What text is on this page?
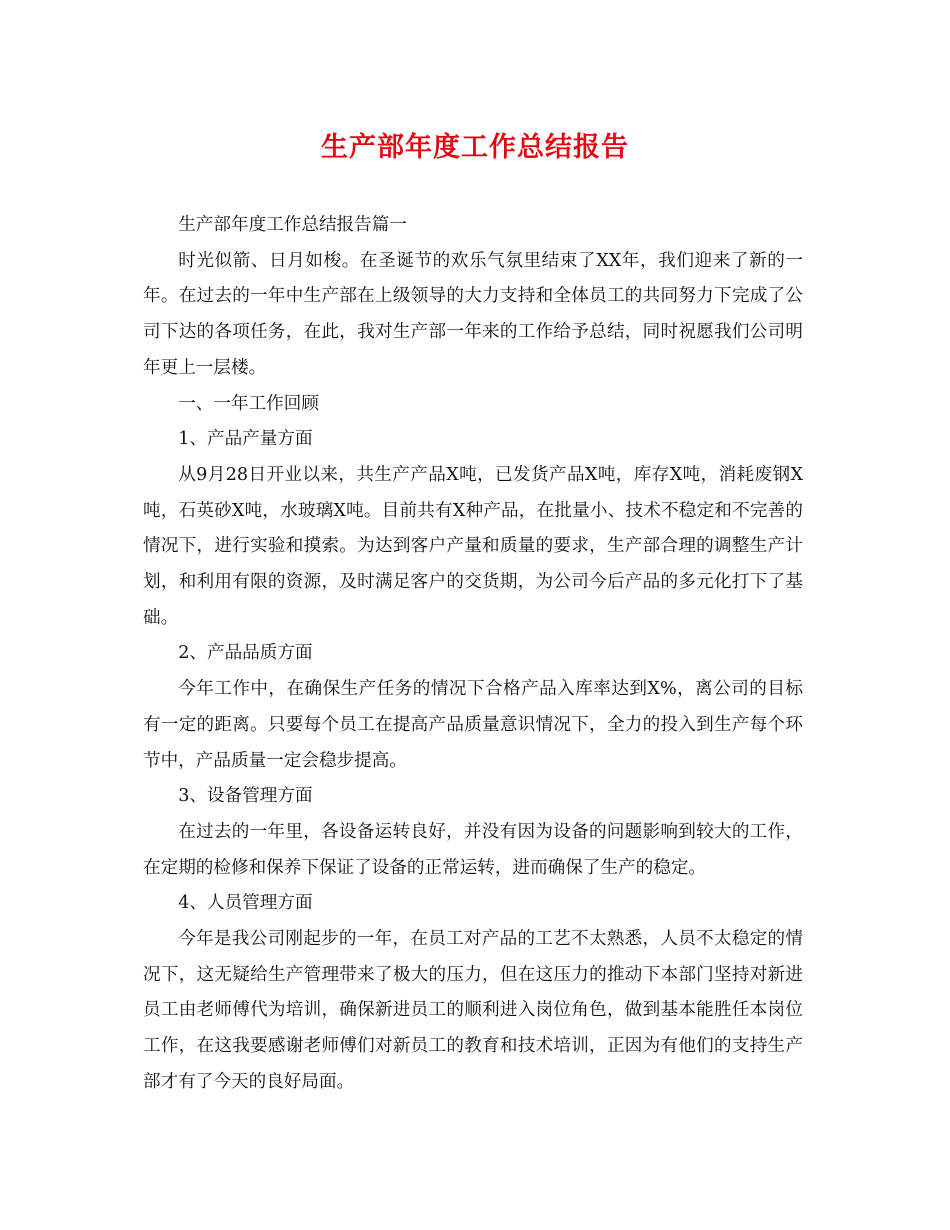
生产部年度工作总结报告

生产部年度工作总结报告篇一

时光似箭、日月如梭。在圣诞节的欢乐气氛里结束了XX年，我们迎来了新的一年。在过去的一年中生产部在上级领导的大力支持和全体员工的共同努力下完成了公司下达的各项任务，在此，我对生产部一年来的工作给予总结，同时祝愿我们公司明年更上一层楼。

一、一年工作回顾

1、产品产量方面

从9月28日开业以来，共生产产品X吨，已发货产品X吨，库存X吨，消耗废钢X吨，石英砂X吨，水玻璃X吨。目前共有X种产品，在批量小、技术不稳定和不完善的情况下，进行实验和摸索。为达到客户产量和质量的要求，生产部合理的调整生产计划，和利用有限的资源，及时满足客户的交货期，为公司今后产品的多元化打下了基础。

2、产品品质方面

今年工作中，在确保生产任务的情况下合格产品入库率达到X%，离公司的目标有一定的距离。只要每个员工在提高产品质量意识情况下，全力的投入到生产每个环节中，产品质量一定会稳步提高。

3、设备管理方面

在过去的一年里，各设备运转良好，并没有因为设备的问题影响到较大的工作，在定期的检修和保养下保证了设备的正常运转，进而确保了生产的稳定。

4、人员管理方面

今年是我公司刚起步的一年，在员工对产品的工艺不太熟悉，人员不太稳定的情况下，这无疑给生产管理带来了极大的压力，但在这压力的推动下本部门坚持对新进员工由老师傅代为培训，确保新进员工的顺利进入岗位角色，做到基本能胜任本岗位工作，在这我要感谢老师傅们对新员工的教育和技术培训，正因为有他们的支持生产部才有了今天的良好局面。
